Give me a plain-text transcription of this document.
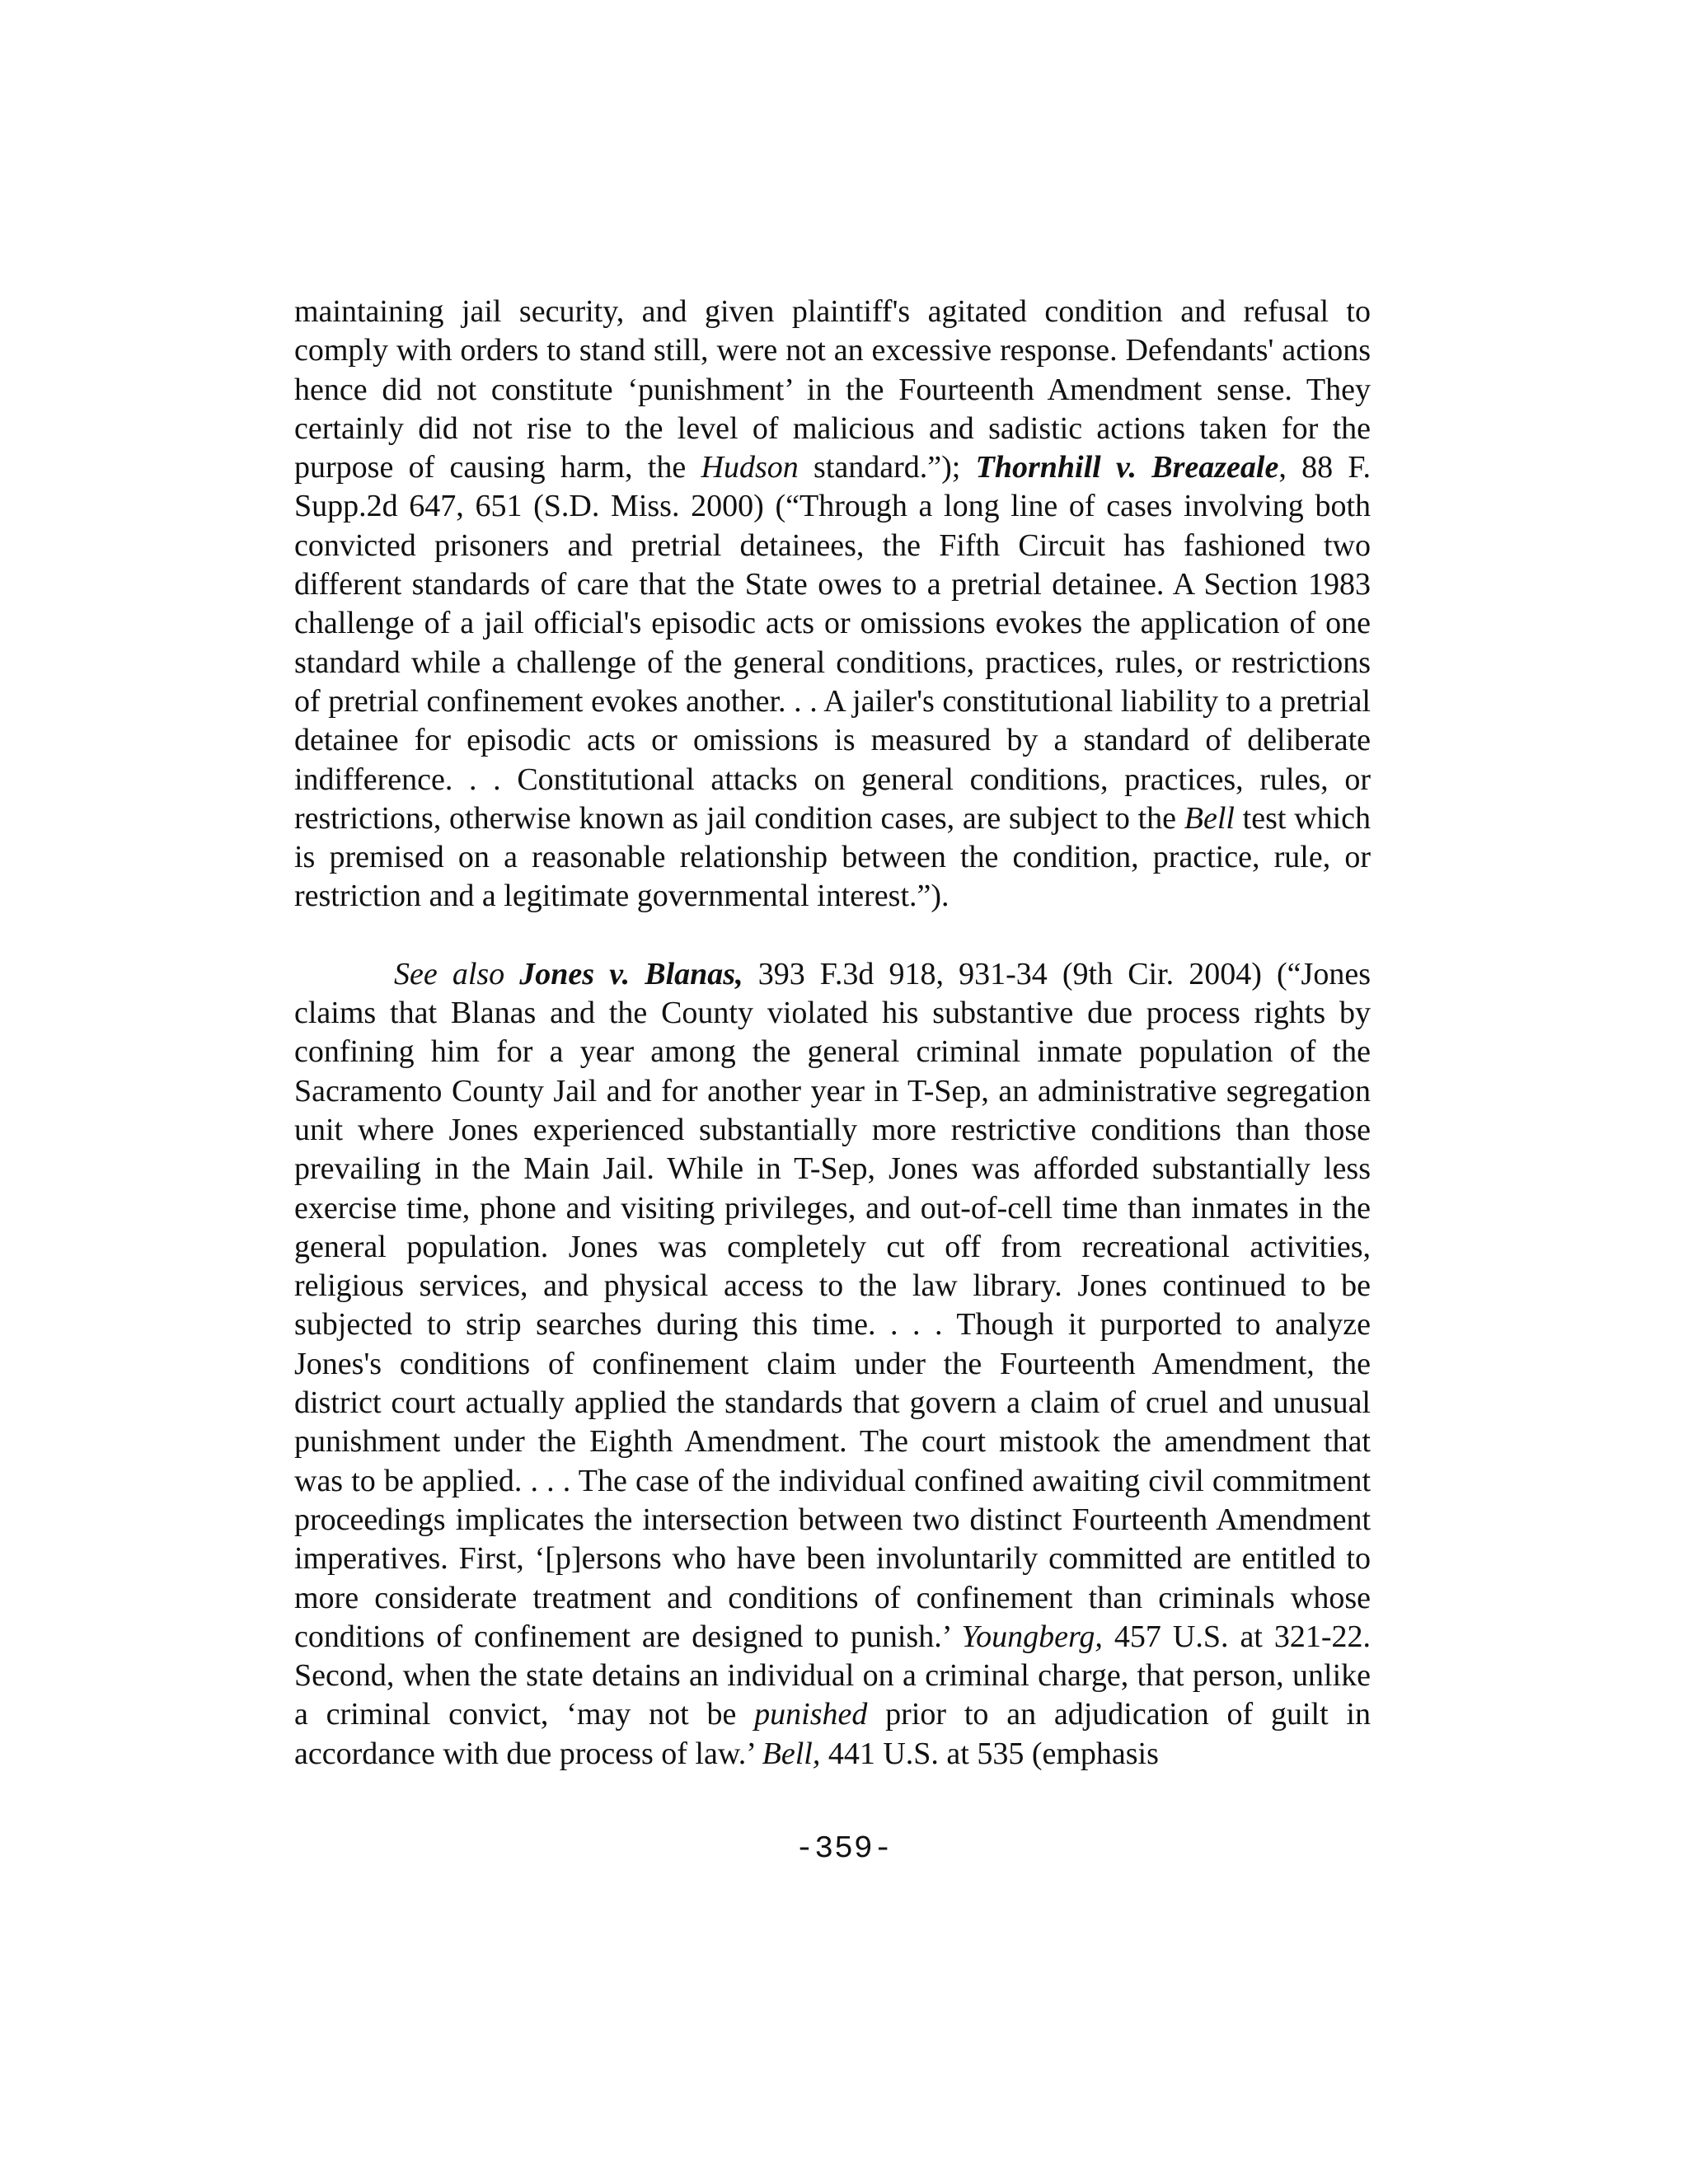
maintaining jail security, and given plaintiff's agitated condition and refusal to comply with orders to stand still, were not an excessive response. Defendants' actions hence did not constitute ‘punishment’ in the Fourteenth Amendment sense. They certainly did not rise to the level of malicious and sadistic actions taken for the purpose of causing harm, the Hudson standard.”); Thornhill v. Breazeale, 88 F. Supp.2d 647, 651 (S.D. Miss. 2000) (“Through a long line of cases involving both convicted prisoners and pretrial detainees, the Fifth Circuit has fashioned two different standards of care that the State owes to a pretrial detainee. A Section 1983 challenge of a jail official's episodic acts or omissions evokes the application of one standard while a challenge of the general conditions, practices, rules, or restrictions of pretrial confinement evokes another. . . A jailer's constitutional liability to a pretrial detainee for episodic acts or omissions is measured by a standard of deliberate indifference. . . Constitutional attacks on general conditions, practices, rules, or restrictions, otherwise known as jail condition cases, are subject to the Bell test which is premised on a reasonable relationship between the condition, practice, rule, or restriction and a legitimate governmental interest.”).

See also Jones v. Blanas, 393 F.3d 918, 931-34 (9th Cir. 2004) (“Jones claims that Blanas and the County violated his substantive due process rights by confining him for a year among the general criminal inmate population of the Sacramento County Jail and for another year in T-Sep, an administrative segregation unit where Jones experienced substantially more restrictive conditions than those prevailing in the Main Jail. While in T-Sep, Jones was afforded substantially less exercise time, phone and visiting privileges, and out-of-cell time than inmates in the general population. Jones was completely cut off from recreational activities, religious services, and physical access to the law library. Jones continued to be subjected to strip searches during this time. . . . Though it purported to analyze Jones's conditions of confinement claim under the Fourteenth Amendment, the district court actually applied the standards that govern a claim of cruel and unusual punishment under the Eighth Amendment. The court mistook the amendment that was to be applied. . . . The case of the individual confined awaiting civil commitment proceedings implicates the intersection between two distinct Fourteenth Amendment imperatives. First, ‘[p]ersons who have been involuntarily committed are entitled to more considerate treatment and conditions of confinement than criminals whose conditions of confinement are designed to punish.’ Youngberg, 457 U.S. at 321-22. Second, when the state detains an individual on a criminal charge, that person, unlike a criminal convict, ‘may not be punished prior to an adjudication of guilt in accordance with due process of law.’ Bell, 441 U.S. at 535 (emphasis

-359-
